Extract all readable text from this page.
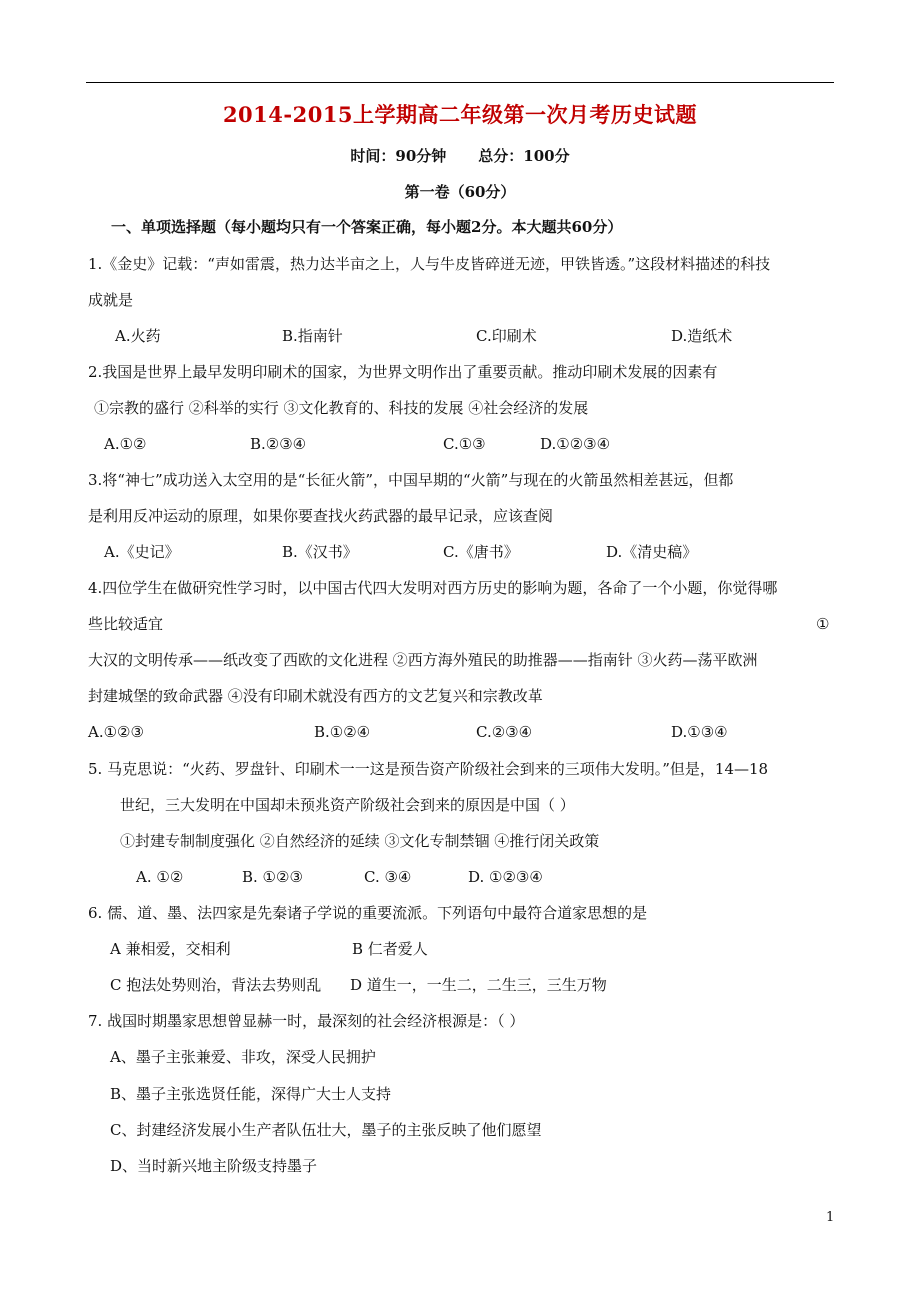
2014-2015上学期高二年级第一次月考历史试题
时间：90分钟 总分：100分
第一卷（60分）
一、单项选择题（每小题均只有一个答案正确，每小题2分。本大题共60分）
1.《金史》记载：“声如雷震，热力达半亩之上，人与牛皮皆碎迸无迹，甲铁皆透。”这段材料描述的科技
成就是
A.火药	B.指南针	C.印刷术	D.造纸术
2.我国是世界上最早发明印刷术的国家，为世界文明作出了重要贡献。推动印刷术发展的因素有
①宗教的盛行 ②科举的实行 ③文化教育的、科技的发展 ④社会经济的发展
A.①②	B.②③④	C.①③	D.①②③④
3.将“神七”成功送入太空用的是“长征火箭”，中国早期的“火箭”与现在的火箭虽然相差甚远，但都
是利用反冲运动的原理，如果你要查找火药武器的最早记录，应该查阅
A.《史记》	B.《汉书》	C.《唐书》	D.《清史稿》
4.四位学生在做研究性学习时，以中国古代四大发明对西方历史的影响为题，各命了一个小题，你觉得哪
些比较适宜	①
大汉的文明传承——纸改变了西欧的文化进程 ②西方海外殖民的助推器——指南针 ③火药—荡平欧洲
封建城堡的致命武器 ④没有印刷术就没有西方的文艺复兴和宗教改革
A.①②③	B.①②④	C.②③④	D.①③④
5. 马克思说：“火药、罗盘针、印刷术一一这是预告资产阶级社会到来的三项伟大发明。”但是，14—18
世纪，三大发明在中国却未预兆资产阶级社会到来的原因是中国（ ）
①封建专制制度强化 ②自然经济的延续 ③文化专制禁锢 ④推行闭关政策
A. ①②	B. ①②③	C. ③④	D. ①②③④
6. 儒、道、墨、法四家是先秦诸子学说的重要流派。下列语句中最符合道家思想的是
A 兼相爱，交相利	B 仁者爱人
C 抱法处势则治，背法去势则乱 D 道生一，一生二，二生三，三生万物
7. 战国时期墨家思想曾显赫一时，最深刻的社会经济根源是：（ ）
A、墨子主张兼爱、非攻，深受人民拥护
B、墨子主张选贤任能，深得广大士人支持
C、封建经济发展小生产者队伍壮大，墨子的主张反映了他们愿望
D、当时新兴地主阶级支持墨子
1
